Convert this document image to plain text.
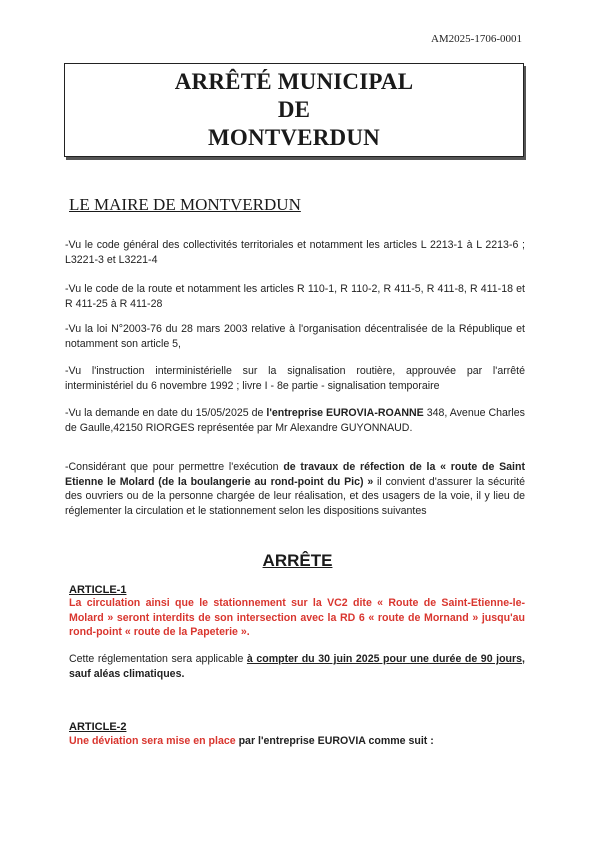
AM2025-1706-0001
ARRÊTÉ MUNICIPAL
DE
MONTVERDUN
LE MAIRE DE MONTVERDUN
-Vu le code général des collectivités territoriales et notamment les articles L 2213-1 à L 2213-6 ; L3221-3 et L3221-4
-Vu le code de la route et notamment les articles R 110-1, R 110-2, R 411-5, R 411-8, R 411-18 et R 411-25 à R 411-28
-Vu la loi N°2003-76 du 28 mars 2003 relative à l'organisation décentralisée de la République et notamment son article 5,
-Vu l'instruction interministérielle sur la signalisation routière, approuvée par l'arrêté interministériel du 6 novembre 1992 ; livre I - 8e partie - signalisation temporaire
-Vu la demande en date du 15/05/2025 de l'entreprise EUROVIA-ROANNE 348, Avenue Charles de Gaulle,42150 RIORGES représentée par Mr Alexandre GUYONNAUD.
-Considérant que pour permettre l'exécution de travaux de réfection de la « route de Saint Etienne le Molard (de la boulangerie au rond-point du Pic) » il convient d'assurer la sécurité des ouvriers ou de la personne chargée de leur réalisation, et des usagers de la voie, il y lieu de réglementer la circulation et le stationnement selon les dispositions suivantes
ARRÊTE
ARTICLE-1
La circulation ainsi que le stationnement sur la VC2 dite « Route de Saint-Etienne-le-Molard » seront interdits de son intersection avec la RD 6 « route de Mornand » jusqu'au rond-point « route de la Papeterie ».
Cette réglementation sera applicable à compter du 30 juin 2025 pour une durée de 90 jours, sauf aléas climatiques.
ARTICLE-2
Une déviation sera mise en place par l'entreprise EUROVIA comme suit :
